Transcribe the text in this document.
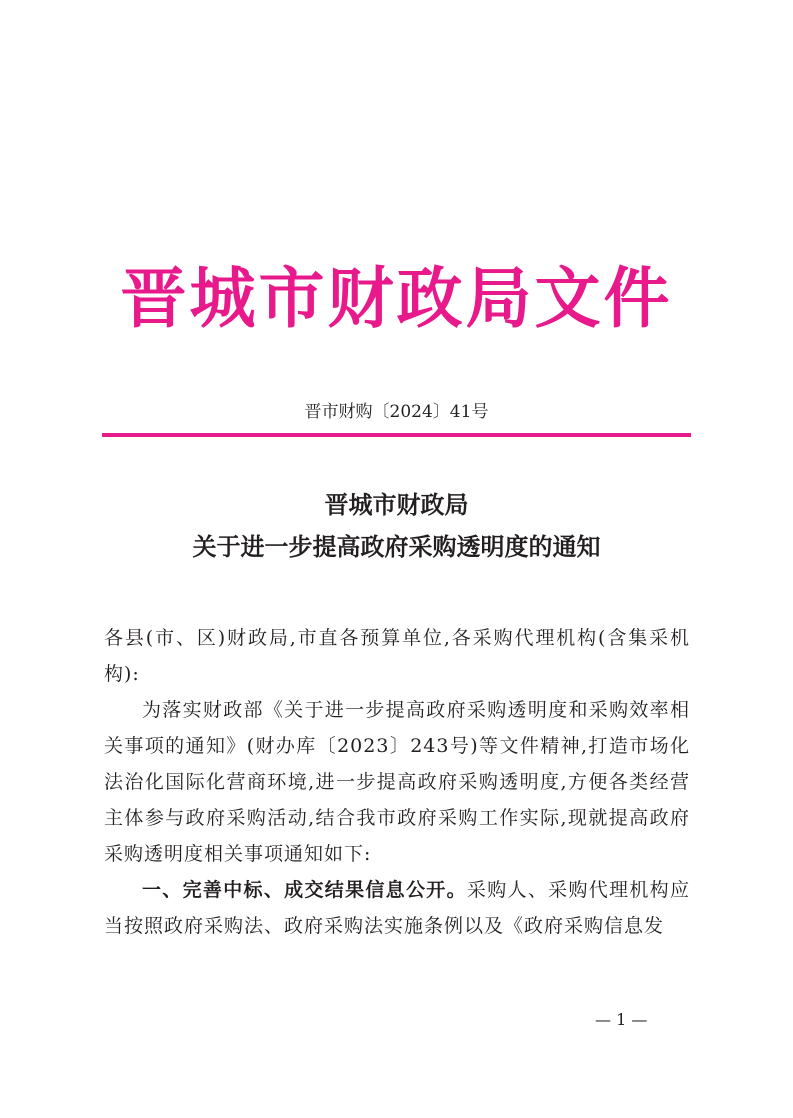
晋城市财政局文件
晋市财购〔2024〕41号
晋城市财政局
关于进一步提高政府采购透明度的通知

各县(市、区)财政局,市直各预算单位,各采购代理机构(含集采机构):

为落实财政部《关于进一步提高政府采购透明度和采购效率相关事项的通知》(财办库〔2023〕243号)等文件精神,打造市场化法治化国际化营商环境,进一步提高政府采购透明度,方便各类经营主体参与政府采购活动,结合我市政府采购工作实际,现就提高政府采购透明度相关事项通知如下:

一、完善中标、成交结果信息公开。采购人、采购代理机构应当按照政府采购法、政府采购法实施条例以及《政府采购信息发

— 1 —
